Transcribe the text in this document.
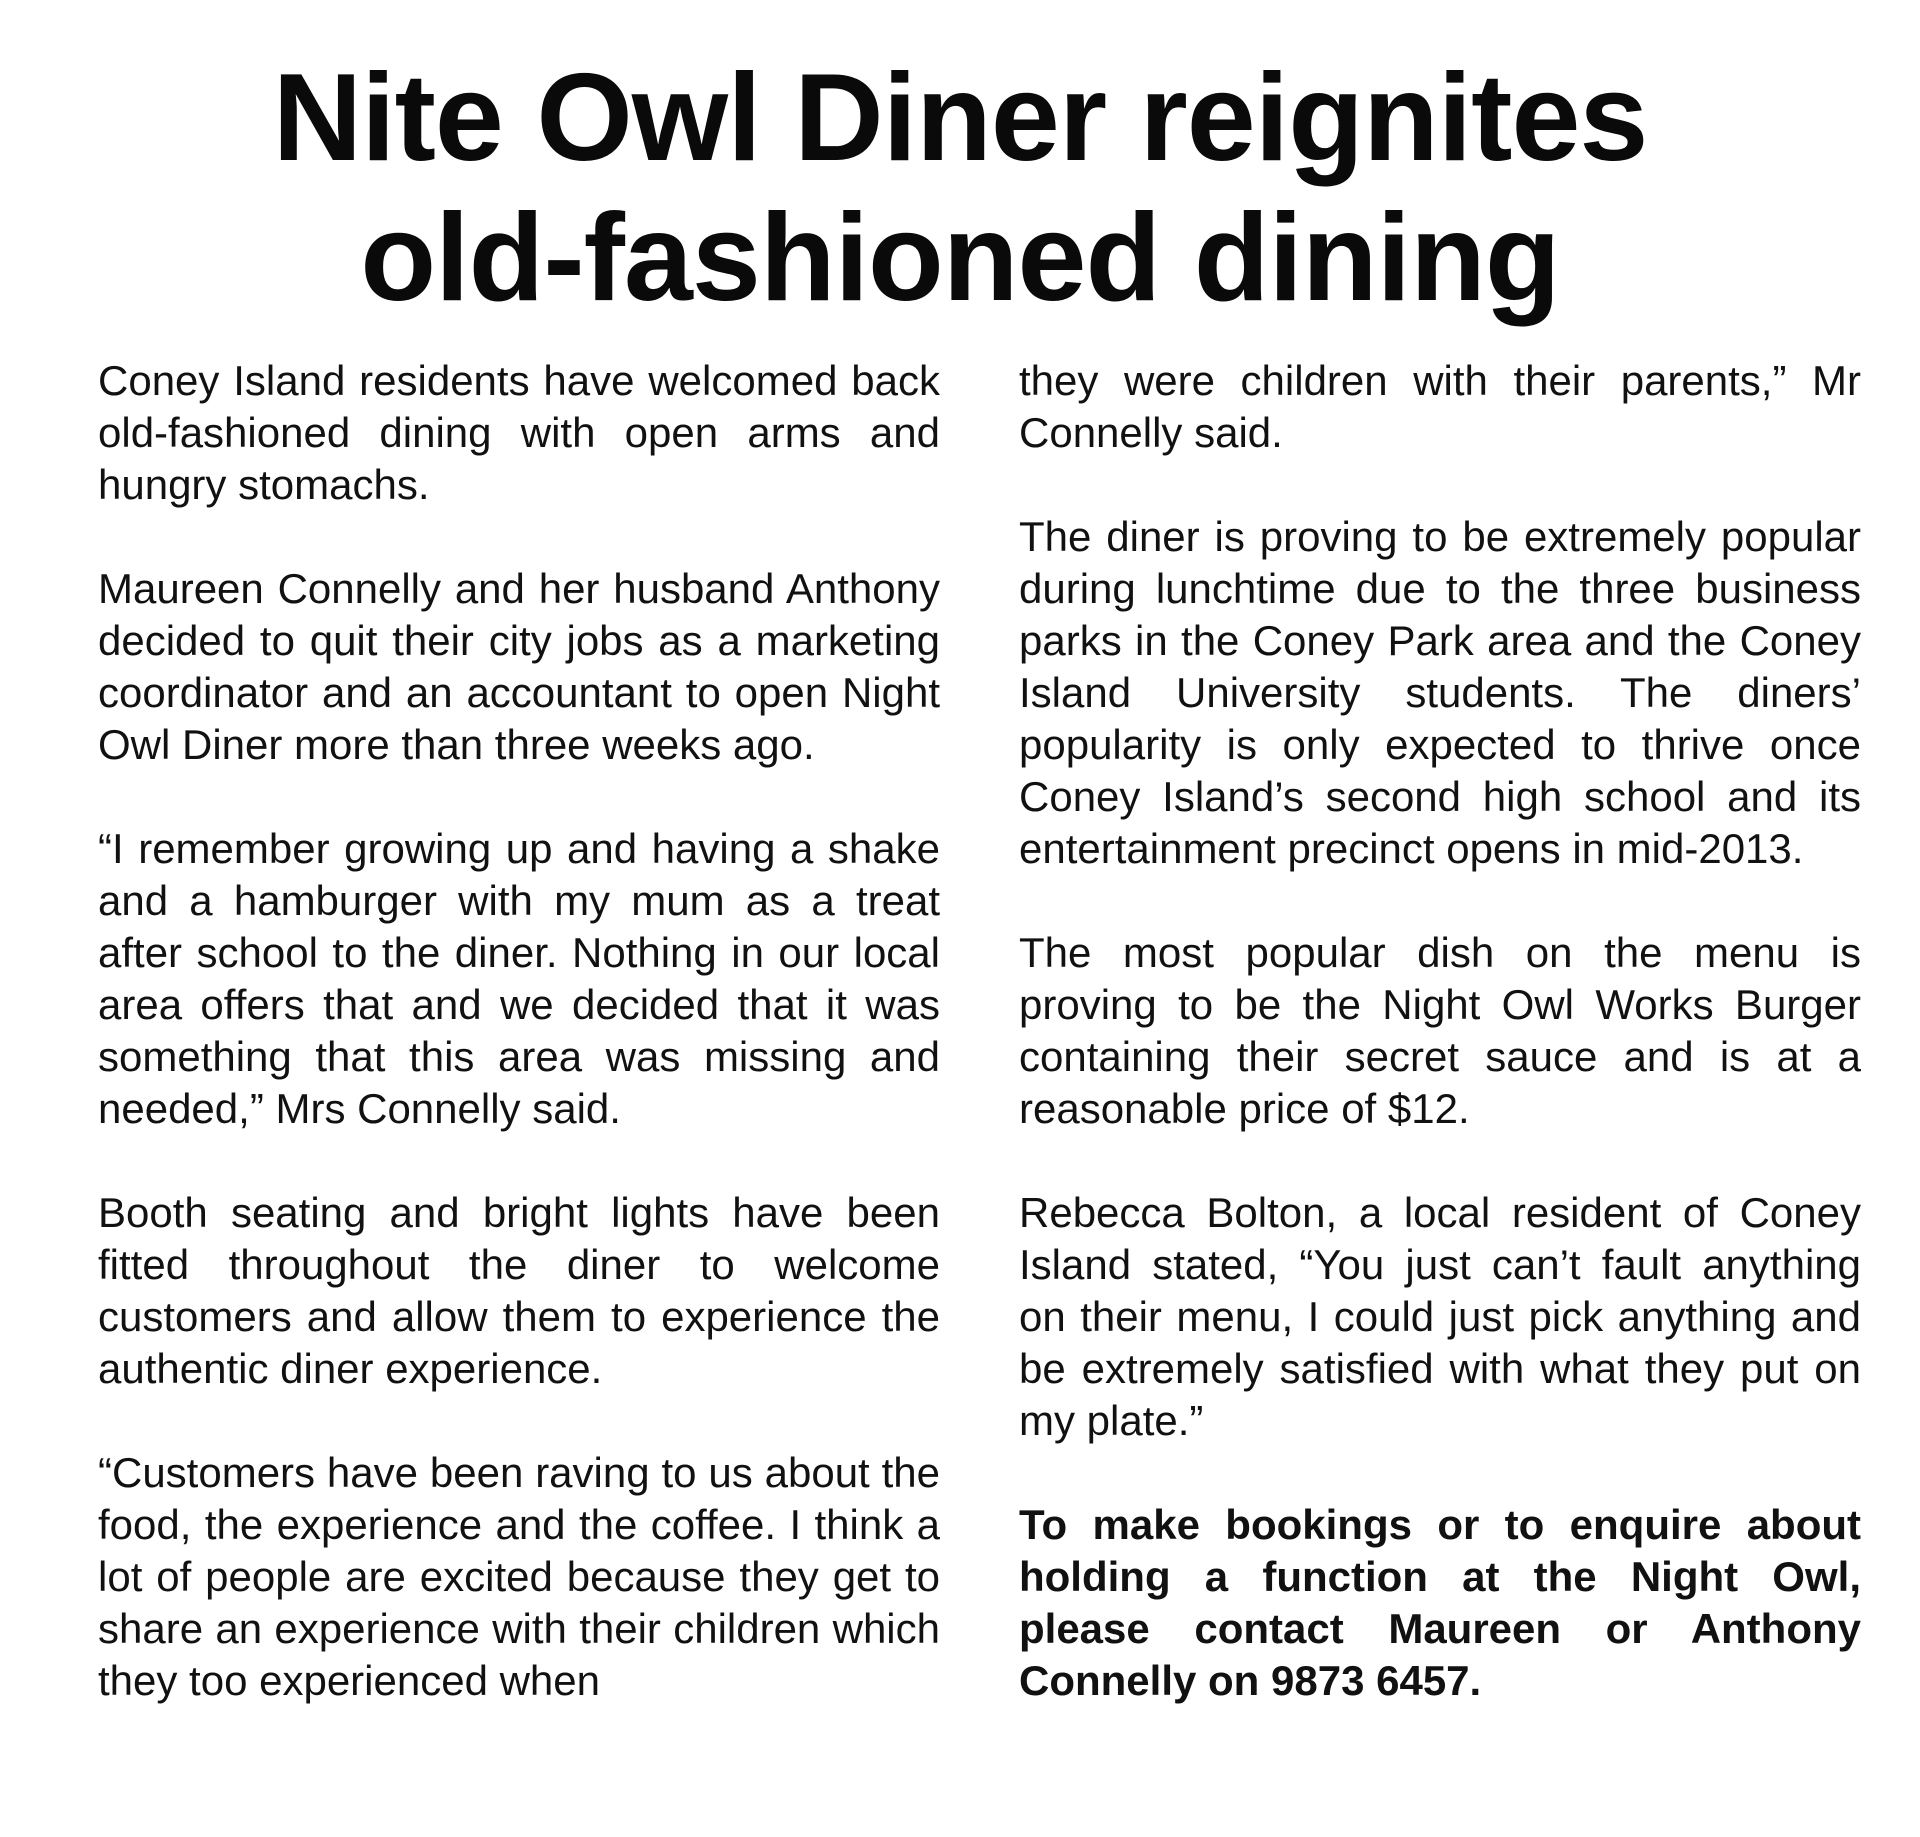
Nite Owl Diner reignites
old-fashioned dining

Coney Island residents have welcomed back old-fashioned dining with open arms and hungry stomachs.

Maureen Connelly and her husband Anthony decided to quit their city jobs as a marketing coordinator and an accountant to open Night Owl Diner more than three weeks ago.

“I remember growing up and having a shake and a hamburger with my mum as a treat after school to the diner. Nothing in our local area offers that and we decided that it was something that this area was missing and needed,” Mrs Connelly said.

Booth seating and bright lights have been fitted throughout the diner to welcome customers and allow them to experience the authentic diner experience.

“Customers have been raving to us about the food, the experience and the coffee. I think a lot of people are excited because they get to share an experience with their children which they too experienced when

they were children with their parents,” Mr Connelly said.

The diner is proving to be extremely popular during lunchtime due to the three business parks in the Coney Park area and the Coney Island University students. The diners’ popularity is only expected to thrive once Coney Island’s second high school and its entertainment precinct opens in mid-2013.

The most popular dish on the menu is proving to be the Night Owl Works Burger containing their secret sauce and is at a reasonable price of $12.

Rebecca Bolton, a local resident of Coney Island stated, “You just can’t fault anything on their menu, I could just pick anything and be extremely satisfied with what they put on my plate.”

To make bookings or to enquire about holding a function at the Night Owl, please contact Maureen or Anthony Connelly on 9873 6457.
